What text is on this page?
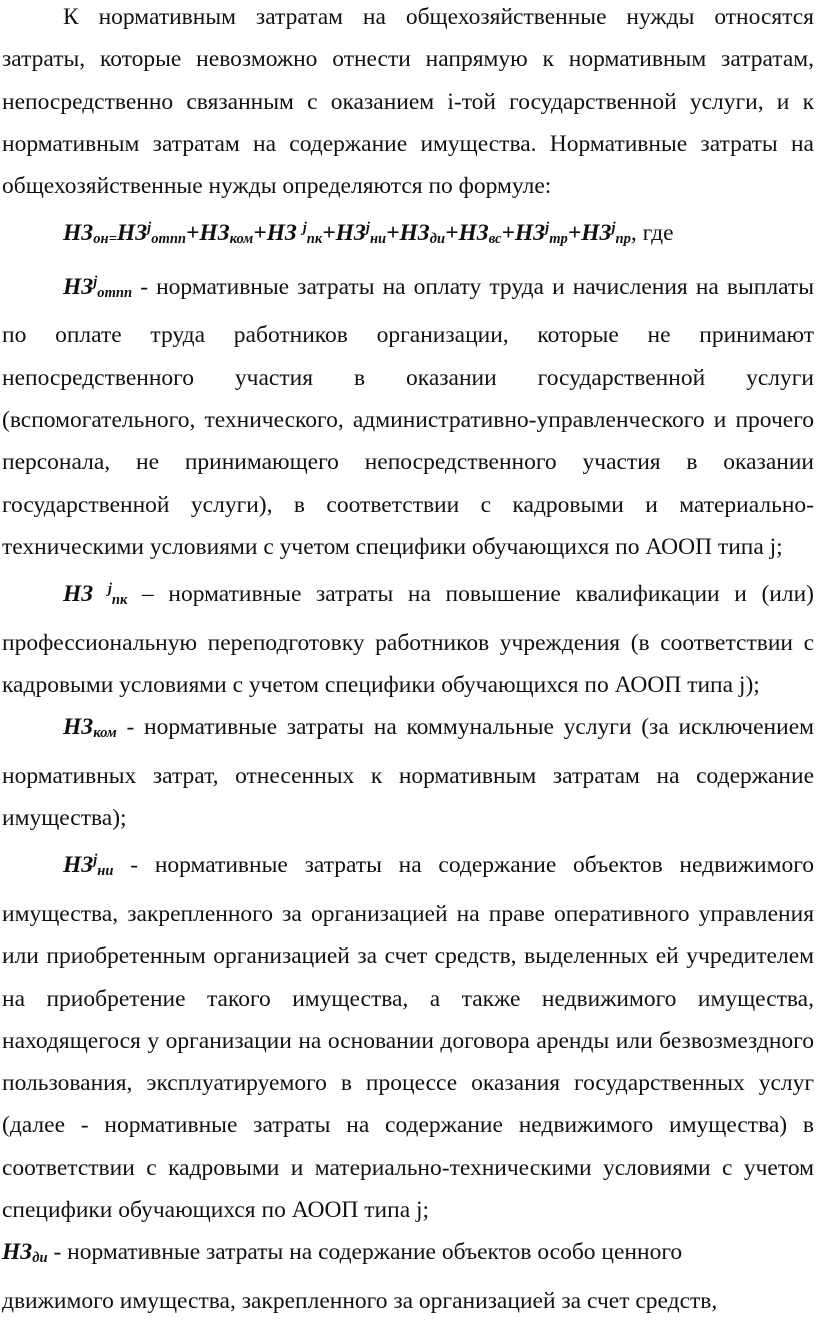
К нормативным затратам на общехозяйственные нужды относятся затраты, которые невозможно отнести напрямую к нормативным затратам, непосредственно связанным с оказанием i-той государственной услуги, и к нормативным затратам на содержание имущества. Нормативные затраты на общехозяйственные нужды определяются по формуле:

$НЗ_{он=}НЗ^j_{отпп}+НЗ_{ком}+НЗ$ $^j_{пк}+НЗ^j_{ни}+НЗ_{ди}+НЗ_{вс}+НЗ^j_{тр}+НЗ^j_{пр}$, где

$НЗ^j_{отпп}$ - нормативные затраты на оплату труда и начисления на выплаты по оплате труда работников организации, которые не принимают непосредственного участия в оказании государственной услуги (вспомогательного, технического, административно-управленческого и прочего персонала, не принимающего непосредственного участия в оказании государственной услуги), в соответствии с кадровыми и материально-техническими условиями с учетом специфики обучающихся по АООП типа j;

НЗ $^j_{пк}$ – нормативные затраты на повышение квалификации и (или) профессиональную переподготовку работников учреждения (в соответствии с кадровыми условиями с учетом специфики обучающихся по АООП типа j);

$НЗ_{ком}$ - нормативные затраты на коммунальные услуги (за исключением нормативных затрат, отнесенных к нормативным затратам на содержание имущества);

$НЗ^j_{ни}$ - нормативные затраты на содержание объектов недвижимого имущества, закрепленного за организацией на праве оперативного управления или приобретенным организацией за счет средств, выделенных ей учредителем на приобретение такого имущества, а также недвижимого имущества, находящегося у организации на основании договора аренды или безвозмездного пользования, эксплуатируемого в процессе оказания государственных услуг (далее - нормативные затраты на содержание недвижимого имущества) в соответствии с кадровыми и материально-техническими условиями с учетом специфики обучающихся по АООП типа j;

$НЗ_{ди}$ - нормативные затраты на содержание объектов особо ценного
движимого имущества, закрепленного за организацией за счет средств,
